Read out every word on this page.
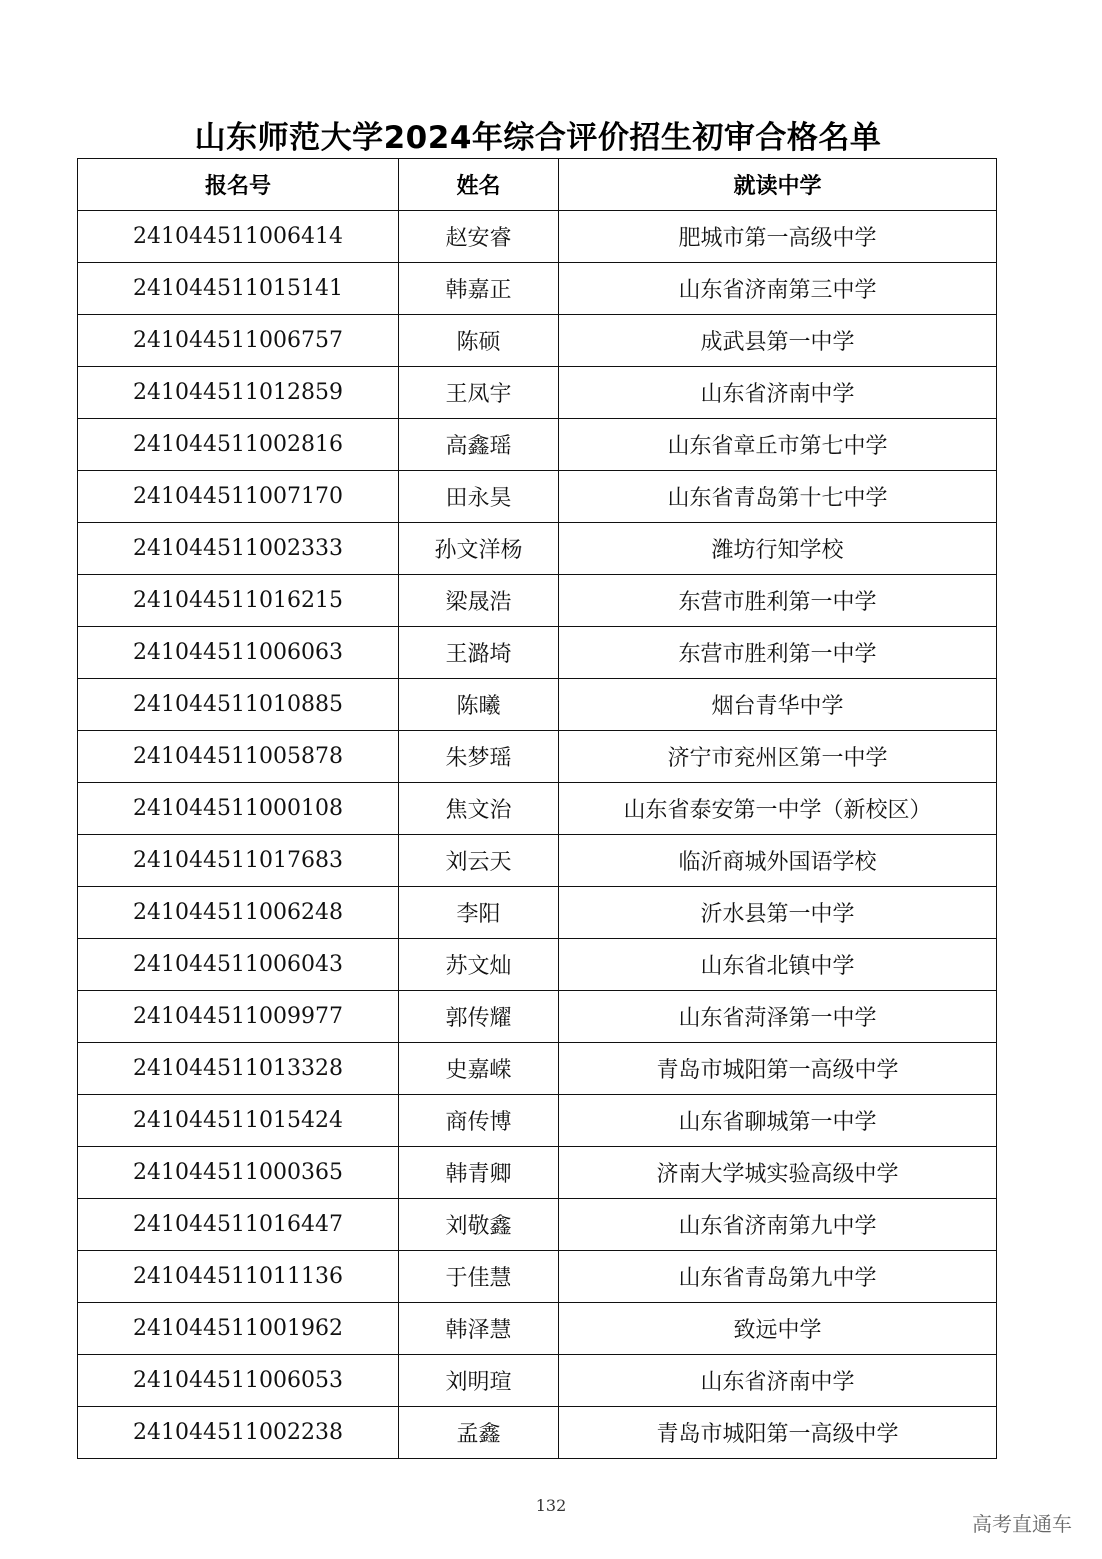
山东师范大学2024年综合评价招生初审合格名单
报名号	姓名	就读中学
241044511006414	赵安睿	肥城市第一高级中学
241044511015141	韩嘉正	山东省济南第三中学
241044511006757	陈硕	成武县第一中学
241044511012859	王凤宇	山东省济南中学
241044511002816	高鑫瑶	山东省章丘市第七中学
241044511007170	田永昊	山东省青岛第十七中学
241044511002333	孙文洋杨	潍坊行知学校
241044511016215	梁晟浩	东营市胜利第一中学
241044511006063	王潞埼	东营市胜利第一中学
241044511010885	陈曦	烟台青华中学
241044511005878	朱梦瑶	济宁市兖州区第一中学
241044511000108	焦文治	山东省泰安第一中学（新校区）
241044511017683	刘云天	临沂商城外国语学校
241044511006248	李阳	沂水县第一中学
241044511006043	苏文灿	山东省北镇中学
241044511009977	郭传耀	山东省菏泽第一中学
241044511013328	史嘉嵘	青岛市城阳第一高级中学
241044511015424	商传博	山东省聊城第一中学
241044511000365	韩青卿	济南大学城实验高级中学
241044511016447	刘敬鑫	山东省济南第九中学
241044511011136	于佳慧	山东省青岛第九中学
241044511001962	韩泽慧	致远中学
241044511006053	刘明瑄	山东省济南中学
241044511002238	孟鑫	青岛市城阳第一高级中学
132
高考直通车
